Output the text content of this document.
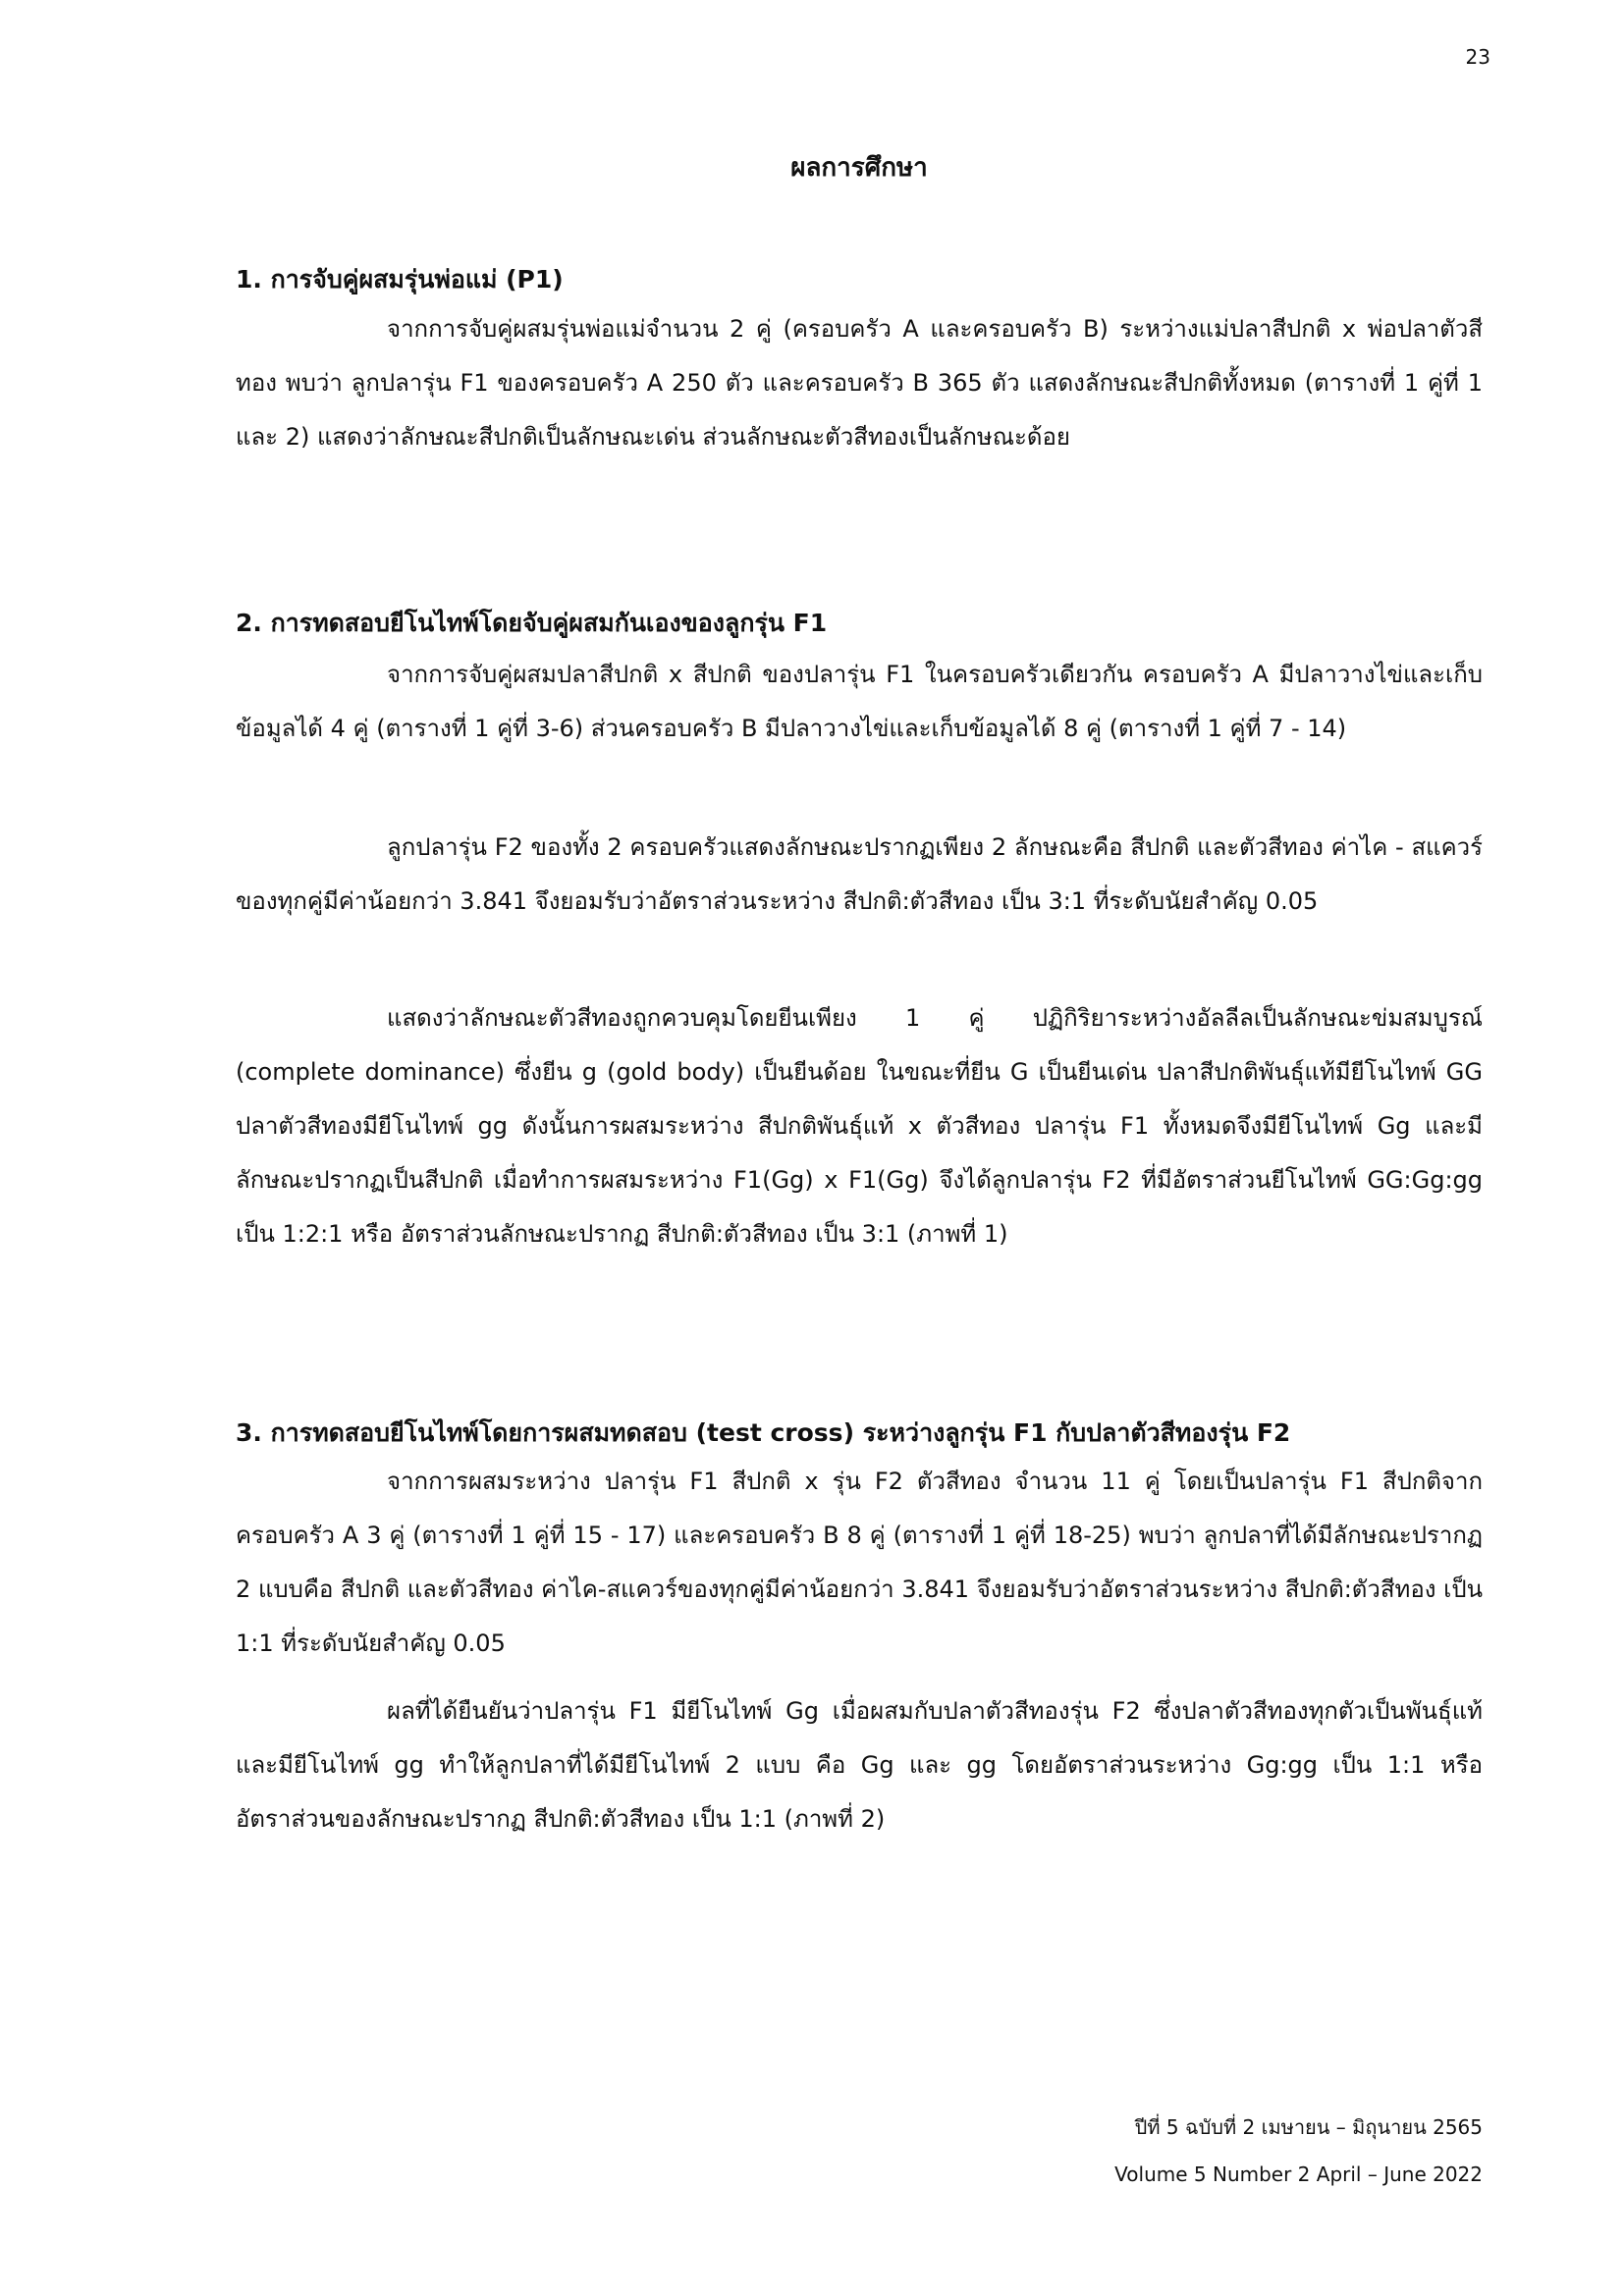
23
ผลการศึกษา
1. การจับคู่ผสมรุ่นพ่อแม่ (P1)
จากการจับคู่ผสมรุ่นพ่อแม่จำนวน 2 คู่ (ครอบครัว A และครอบครัว B) ระหว่างแม่ปลาสีปกติ x พ่อปลาตัวสีทอง พบว่า ลูกปลารุ่น F1 ของครอบครัว A 250 ตัว และครอบครัว B 365 ตัว แสดงลักษณะสีปกติทั้งหมด (ตารางที่ 1 คู่ที่ 1 และ 2) แสดงว่าลักษณะสีปกติเป็นลักษณะเด่น ส่วนลักษณะตัวสีทองเป็นลักษณะด้อย
2. การทดสอบยีโนไทพ์โดยจับคู่ผสมกันเองของลูกรุ่น F1
จากการจับคู่ผสมปลาสีปกติ x สีปกติ ของปลารุ่น F1 ในครอบครัวเดียวกัน ครอบครัว A มีปลาวางไข่และเก็บข้อมูลได้ 4 คู่ (ตารางที่ 1 คู่ที่ 3-6) ส่วนครอบครัว B มีปลาวางไข่และเก็บข้อมูลได้ 8 คู่ (ตารางที่ 1 คู่ที่ 7 - 14)
ลูกปลารุ่น F2 ของทั้ง 2 ครอบครัวแสดงลักษณะปรากฏเพียง 2 ลักษณะคือ สีปกติ และตัวสีทอง ค่าไค - สแควร์ของทุกคู่มีค่าน้อยกว่า 3.841 จึงยอมรับว่าอัตราส่วนระหว่าง สีปกติ:ตัวสีทอง เป็น 3:1 ที่ระดับนัยสำคัญ 0.05
แสดงว่าลักษณะตัวสีทองถูกควบคุมโดยยีนเพียง 1 คู่ ปฏิกิริยาระหว่างอัลลีลเป็นลักษณะข่มสมบูรณ์ (complete dominance) ซึ่งยีน g (gold body) เป็นยีนด้อย ในขณะที่ยีน G เป็นยีนเด่น ปลาสีปกติพันธุ์แท้มียีโนไทพ์ GG ปลาตัวสีทองมียีโนไทพ์ gg ดังนั้นการผสมระหว่าง สีปกติพันธุ์แท้ x ตัวสีทอง ปลารุ่น F1 ทั้งหมดจึงมียีโนไทพ์ Gg และมีลักษณะปรากฏเป็นสีปกติ เมื่อทำการผสมระหว่าง F1(Gg) x F1(Gg) จึงได้ลูกปลารุ่น F2 ที่มีอัตราส่วนยีโนไทพ์ GG:Gg:gg เป็น 1:2:1 หรือ อัตราส่วนลักษณะปรากฏ สีปกติ:ตัวสีทอง เป็น 3:1 (ภาพที่ 1)
3. การทดสอบยีโนไทพ์โดยการผสมทดสอบ (test cross) ระหว่างลูกรุ่น F1 กับปลาตัวสีทองรุ่น F2
จากการผสมระหว่าง ปลารุ่น F1 สีปกติ x รุ่น F2 ตัวสีทอง จำนวน 11 คู่ โดยเป็นปลารุ่น F1 สีปกติจากครอบครัว A 3 คู่ (ตารางที่ 1 คู่ที่ 15 - 17) และครอบครัว B 8 คู่ (ตารางที่ 1 คู่ที่ 18-25) พบว่า ลูกปลาที่ได้มีลักษณะปรากฏ 2 แบบคือ สีปกติ และตัวสีทอง ค่าไค-สแควร์ของทุกคู่มีค่าน้อยกว่า 3.841 จึงยอมรับว่าอัตราส่วนระหว่าง สีปกติ:ตัวสีทอง เป็น 1:1 ที่ระดับนัยสำคัญ 0.05
ผลที่ได้ยืนยันว่าปลารุ่น F1 มียีโนไทพ์ Gg เมื่อผสมกับปลาตัวสีทองรุ่น F2 ซึ่งปลาตัวสีทองทุกตัวเป็นพันธุ์แท้และมียีโนไทพ์ gg ทำให้ลูกปลาที่ได้มียีโนไทพ์ 2 แบบ คือ Gg และ gg โดยอัตราส่วนระหว่าง Gg:gg เป็น 1:1 หรือ อัตราส่วนของลักษณะปรากฏ สีปกติ:ตัวสีทอง เป็น 1:1 (ภาพที่ 2)
ปีที่ 5 ฉบับที่ 2 เมษายน – มิถุนายน 2565
Volume 5 Number 2 April – June 2022
